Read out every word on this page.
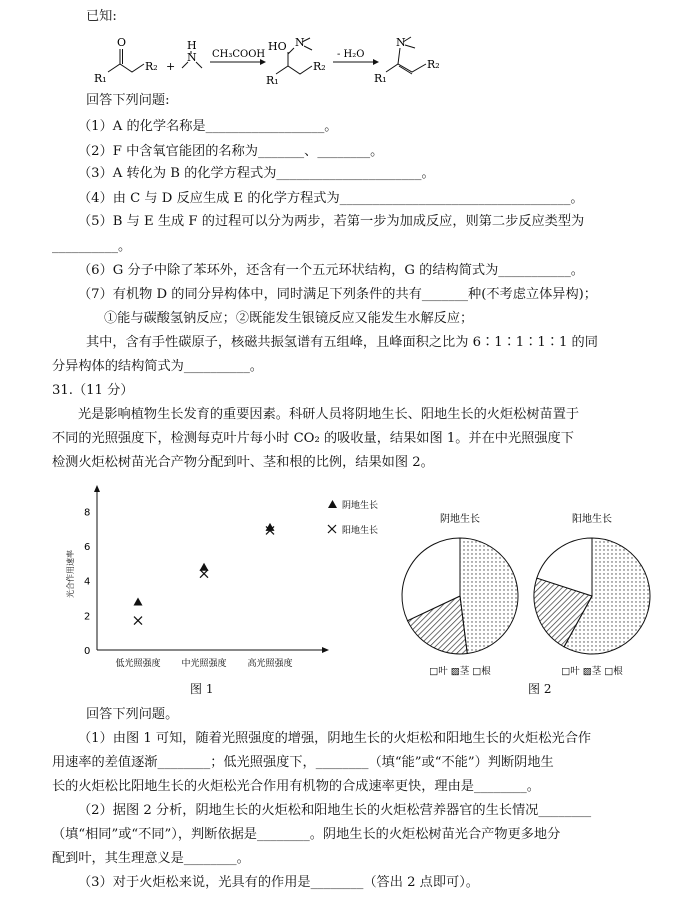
已知:
O
R₁
R₂ +
N
H
CH₃COOH
HO N
R₁
R₂
- H₂O
N
R₁
R₂
回答下列问题:
（1）A 的化学名称是__________________。
（2）F 中含氧官能团的名称为_______、________。
（3）A 转化为 B 的化学方程式为______________________。
（4）由 C 与 D 反应生成 E 的化学方程式为___________________________________。
（5）B 与 E 生成 F 的过程可以分为两步，若第一步为加成反应，则第二步反应类型为
__________。
（6）G 分子中除了苯环外，还含有一个五元环状结构，G 的结构简式为___________。
（7）有机物 D 的同分异构体中，同时满足下列条件的共有_______种(不考虑立体异构)；
①能与碳酸氢钠反应；②既能发生银镜反应又能发生水解反应；
其中，含有手性碳原子，核磁共振氢谱有五组峰，且峰面积之比为 6∶1∶1∶1∶1 的同
分异构体的结构简式为__________。
31.（11 分）
光是影响植物生长发育的重要因素。科研人员将阴地生长、阳地生长的火炬松树苗置于
不同的光照强度下，检测每克叶片每小时 CO₂ 的吸收量，结果如图 1。并在中光照强度下
检测火炬松树苗光合产物分配到叶、茎和根的比例，结果如图 2。
0
2
4
6
8
低光照强度 中光照强度 高光照强度
光合作用速率
阴地生长
阳地生长
图 1
阴地生长
□叶 ▨茎 □根
阳地生长
□叶 ▨茎 □根
图 2
回答下列问题。
（1）由图 1 可知，随着光照强度的增强，阴地生长的火炬松和阳地生长的火炬松光合作
用速率的差值逐渐________；低光照强度下，________（填“能”或“不能”）判断阴地生
长的火炬松比阳地生长的火炬松光合作用有机物的合成速率更快，理由是________。
（2）据图 2 分析，阴地生长的火炬松和阳地生长的火炬松营养器官的生长情况________
（填“相同”或“不同”），判断依据是________。阴地生长的火炬松树苗光合产物更多地分
配到叶，其生理意义是________。
（3）对于火炬松来说，光具有的作用是________（答出 2 点即可）。
